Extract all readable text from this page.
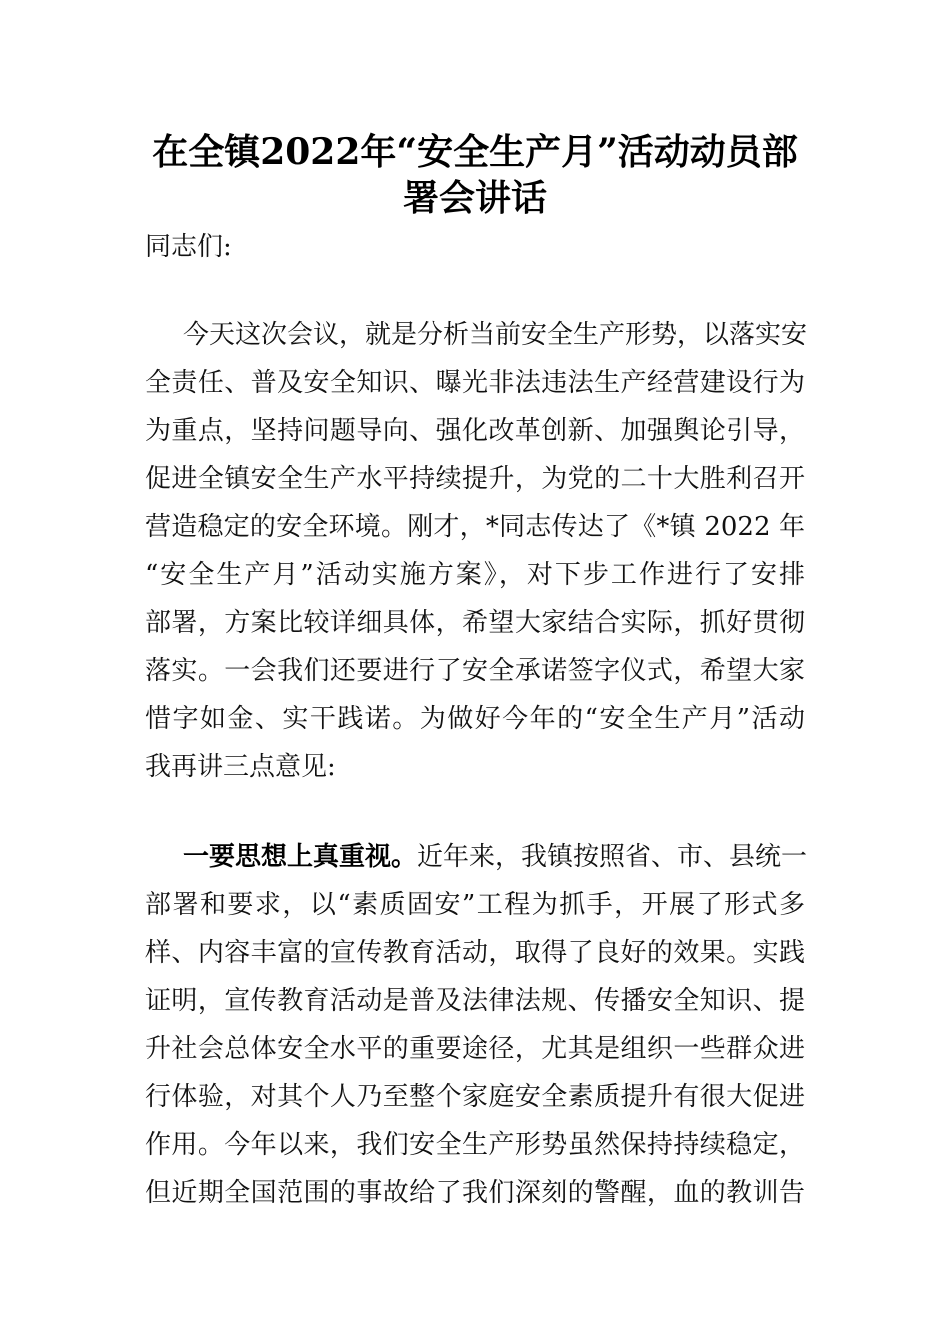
在全镇2022年“安全生产月”活动动员部
署会讲话
同志们:
今天这次会议，就是分析当前安全生产形势，以落实安
全责任、普及安全知识、曝光非法违法生产经营建设行为
为重点，坚持问题导向、强化改革创新、加强舆论引导，
促进全镇安全生产水平持续提升，为党的二十大胜利召开
营造稳定的安全环境。刚才，*同志传达了《*镇 2022 年
“安全生产月”活动实施方案》，对下步工作进行了安排
部署，方案比较详细具体，希望大家结合实际，抓好贯彻
落实。一会我们还要进行了安全承诺签字仪式，希望大家
惜字如金、实干践诺。为做好今年的“安全生产月”活动
我再讲三点意见:
一要思想上真重视。近年来，我镇按照省、市、县统一
部署和要求，以“素质固安”工程为抓手，开展了形式多
样、内容丰富的宣传教育活动，取得了良好的效果。实践
证明，宣传教育活动是普及法律法规、传播安全知识、提
升社会总体安全水平的重要途径，尤其是组织一些群众进
行体验，对其个人乃至整个家庭安全素质提升有很大促进
作用。今年以来，我们安全生产形势虽然保持持续稳定，
但近期全国范围的事故给了我们深刻的警醒，血的教训告
